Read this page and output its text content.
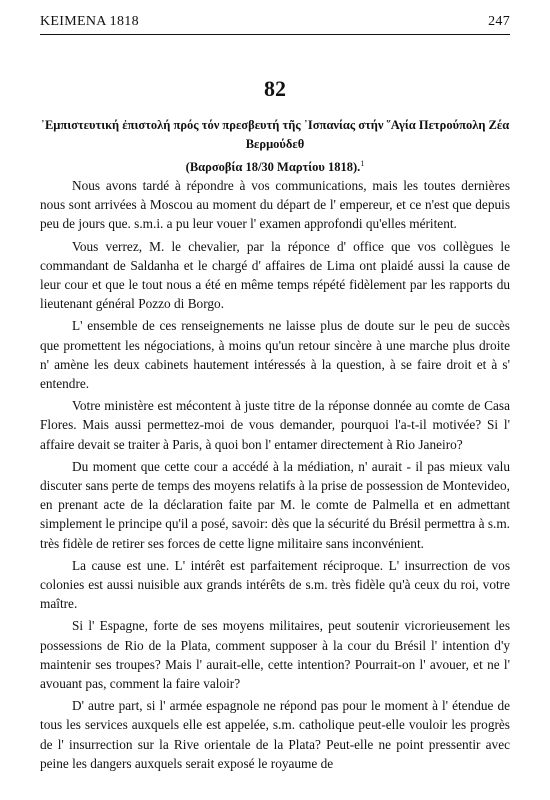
KEIMENA 1818	247
82
᾿Εμπιστευτική ἐπιστολή πρός τόν πρεσβευτή τῆς ᾿Ισπανίας στήν ῞Αγία Πετρούπολη Ζέα
Βερμούδεθ
(Βαρσοβία 18/30 Μαρτίου 1818).$^1$

Nous avons tardé à répondre à vos communications, mais les toutes dernières nous sont arrivées à Moscou au moment du départ de l' empereur, et ce n'est que depuis peu de jours que. s.m.i. a pu leur vouer l' examen approfondi qu'elles méritent.

Vous verrez, M. le chevalier, par la réponce d' office que vos collègues le commandant de Saldanha et le chargé d' affaires de Lima ont plaidé aussi la cause de leur cour et que le tout nous a été en même temps répété fidèlement par les rapports du lieutenant général Pozzo di Borgo.

L' ensemble de ces renseignements ne laisse plus de doute sur le peu de succès que promettent les négociations, à moins qu'un retour sincère à une marche plus droite n' amène les deux cabinets hautement intéressés à la question, à se faire droit et à s' entendre.

Votre ministère est mécontent à juste titre de la réponse donnée au comte de Casa Flores. Mais aussi permettez-moi de vous demander, pourquoi l'a-t-il motivée? Si l' affaire devait se traiter à Paris, à quoi bon l' entamer directement à Rio Janeiro?

Du moment que cette cour a accédé à la médiation, n' aurait - il pas mieux valu discuter sans perte de temps des moyens relatifs à la prise de possession de Montevideo, en prenant acte de la déclaration faite par M. le comte de Palmella et en admettant simplement le principe qu'il a posé, savoir: dès que la sécurité du Brésil permettra à s.m. très fidèle de retirer ses forces de cette ligne militaire sans inconvénient.

La cause est une. L' intérêt est parfaitement réciproque. L' insurrection de vos colonies est aussi nuisible aux grands intérêts de s.m. très fidèle qu'à ceux du roi, votre maître.

Si l' Espagne, forte de ses moyens militaires, peut soutenir vicrorieusement les possessions de Rio de la Plata, comment supposer à la cour du Brésil l' intention d'y maintenir ses troupes? Mais l' aurait-elle, cette intention? Pourrait-on l' avouer, et ne l' avouant pas, comment la faire valoir?

D' autre part, si l' armée espagnole ne répond pas pour le moment à l' étendue de tous les services auxquels elle est appelée, s.m. catholique peut-elle vouloir les progrès de l' insurrection sur la Rive orientale de la Plata? Peut-elle ne point pressentir avec peine les dangers auxquels serait exposé le royaume de
